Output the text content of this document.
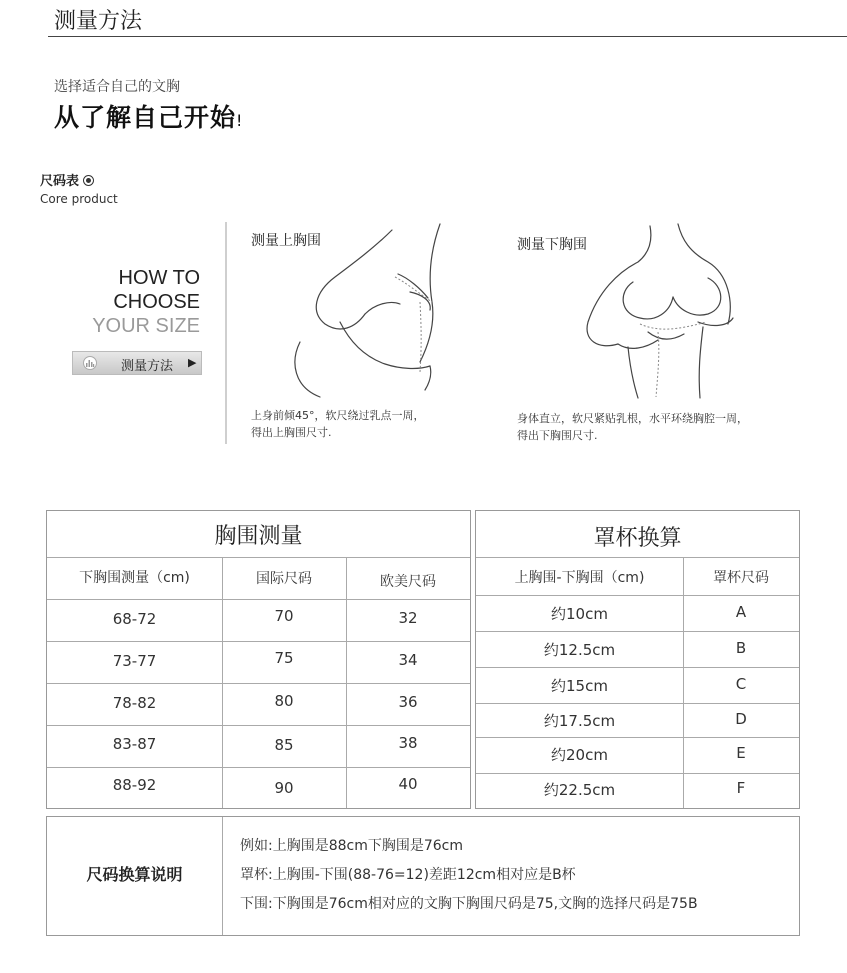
测量方法
选择适合自己的文胸
从了解自己开始!
尺码表
Core product
HOW TO
CHOOSE
YOUR SIZE
测量方法 ▶
测量上胸围
上身前倾45°，软尺绕过乳点一周，
得出上胸围尺寸.
测量下胸围
身体直立，软尺紧贴乳根，水平环绕胸腔一周，
得出下胸围尺寸.
胸围测量
下胸围测量（cm)	国际尺码	欧美尺码
68-72	70	32
73-77	75	34
78-82	80	36
83-87	85	38
88-92	90	40
罩杯换算
上胸围-下胸围（cm)	罩杯尺码
约10cm	A
约12.5cm	B
约15cm	C
约17.5cm	D
约20cm	E
约22.5cm	F
尺码换算说明
例如:上胸围是88cm下胸围是76cm
罩杯:上胸围-下围(88-76=12)差距12cm相对应是B杯
下围:下胸围是76cm相对应的文胸下胸围尺码是75,文胸的选择尺码是75B
